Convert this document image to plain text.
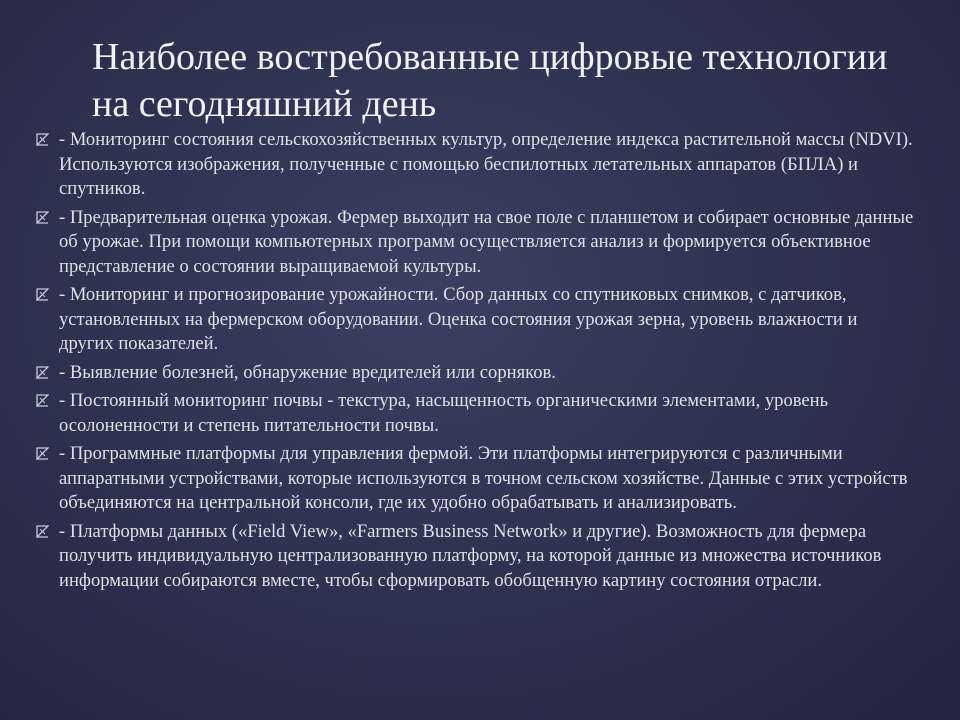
Наиболее востребованные цифровые технологии на сегодняшний день
- Мониторинг состояния сельскохозяйственных культур, определение индекса растительной массы (NDVI). Используются изображения, полученные с помощью беспилотных летательных аппаратов (БПЛА) и спутников.
- Предварительная оценка урожая. Фермер выходит на свое поле с планшетом и собирает основные данные об урожае. При помощи компьютерных программ осуществляется анализ и формируется объективное представление о состоянии выращиваемой культуры.
- Мониторинг и прогнозирование урожайности. Сбор данных со спутниковых снимков, с датчиков, установленных на фермерском оборудовании. Оценка состояния урожая зерна, уровень влажности и других показателей.
- Выявление болезней, обнаружение вредителей или сорняков.
- Постоянный мониторинг почвы - текстура, насыщенность органическими элементами, уровень осолоненности и степень питательности почвы.
- Программные платформы для управления фермой. Эти платформы интегрируются с различными аппаратными устройствами, которые используются в точном сельском хозяйстве. Данные с этих устройств объединяются на центральной консоли, где их удобно обрабатывать и анализировать.
- Платформы данных («Field View», «Farmers Business Network» и другие). Возможность для фермера получить индивидуальную централизованную платформу, на которой данные из множества источников информации собираются вместе, чтобы сформировать обобщенную картину состояния отрасли.
